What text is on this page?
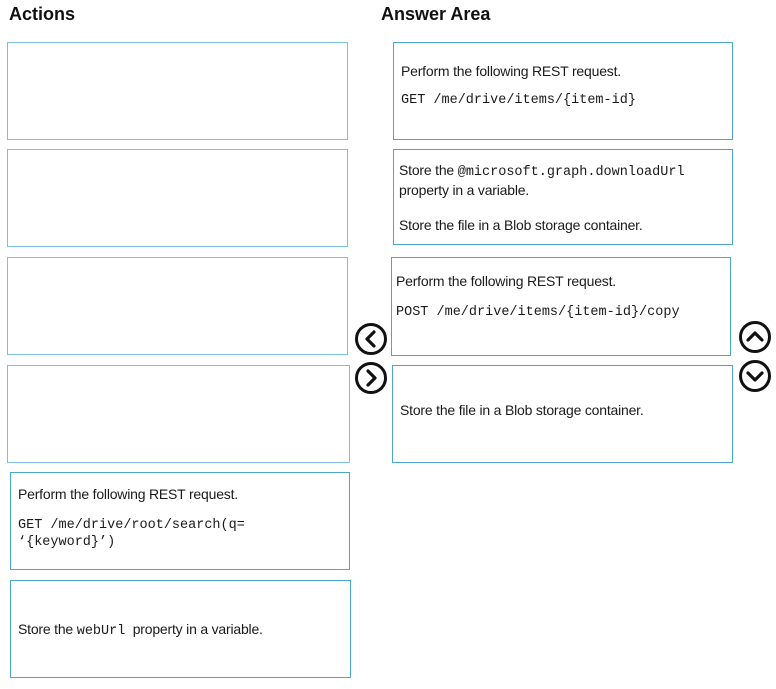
Actions	Answer Area
Perform the following REST request.
GET /me/drive/root/search(q=
‘{keyword}’)
Store the webUrl  property in a variable.
Perform the following REST request.
GET /me/drive/items/{item-id}
Store the @microsoft.graph.downloadUrl
property in a variable.
Store the file in a Blob storage container.
Perform the following REST request.
POST /me/drive/items/{item-id}/copy
Store the file in a Blob storage container.
